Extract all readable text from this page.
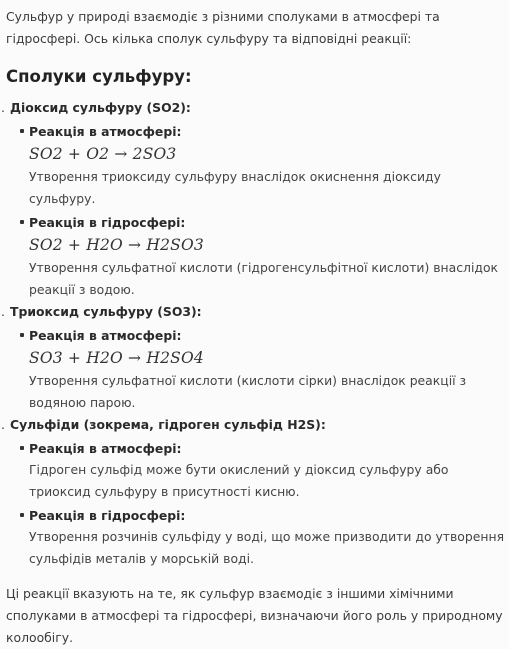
Сульфур у природі взаємодіє з різними сполуками в атмосфері та гідросфері. Ось кілька сполук сульфуру та відповідні реакції:

Сполуки сульфуру:
. Діоксид сульфуру (SO2):
Реакція в атмосфері:
SO2 + O2 → 2SO3
Утворення триоксиду сульфуру внаслідок окиснення діоксиду сульфуру.
Реакція в гідросфері:
SO2 + H2O → H2SO3
Утворення сульфатної кислоти (гідрогенсульфітної кислоти) внаслідок реакції з водою.
. Триоксид сульфуру (SO3):
Реакція в атмосфері:
SO3 + H2O → H2SO4
Утворення сульфатної кислоти (кислоти сірки) внаслідок реакції з водяною парою.
. Сульфіди (зокрема, гідроген сульфід H2S):
Реакція в атмосфері:
Гідроген сульфід може бути окислений у діоксид сульфуру або триоксид сульфуру в присутності кисню.
Реакція в гідросфері:
Утворення розчинів сульфіду у воді, що може призводити до утворення сульфідів металів у морській воді.

Ці реакції вказують на те, як сульфур взаємодіє з іншими хімічними сполуками в атмосфері та гідросфері, визначаючи його роль у природному колообігу.
